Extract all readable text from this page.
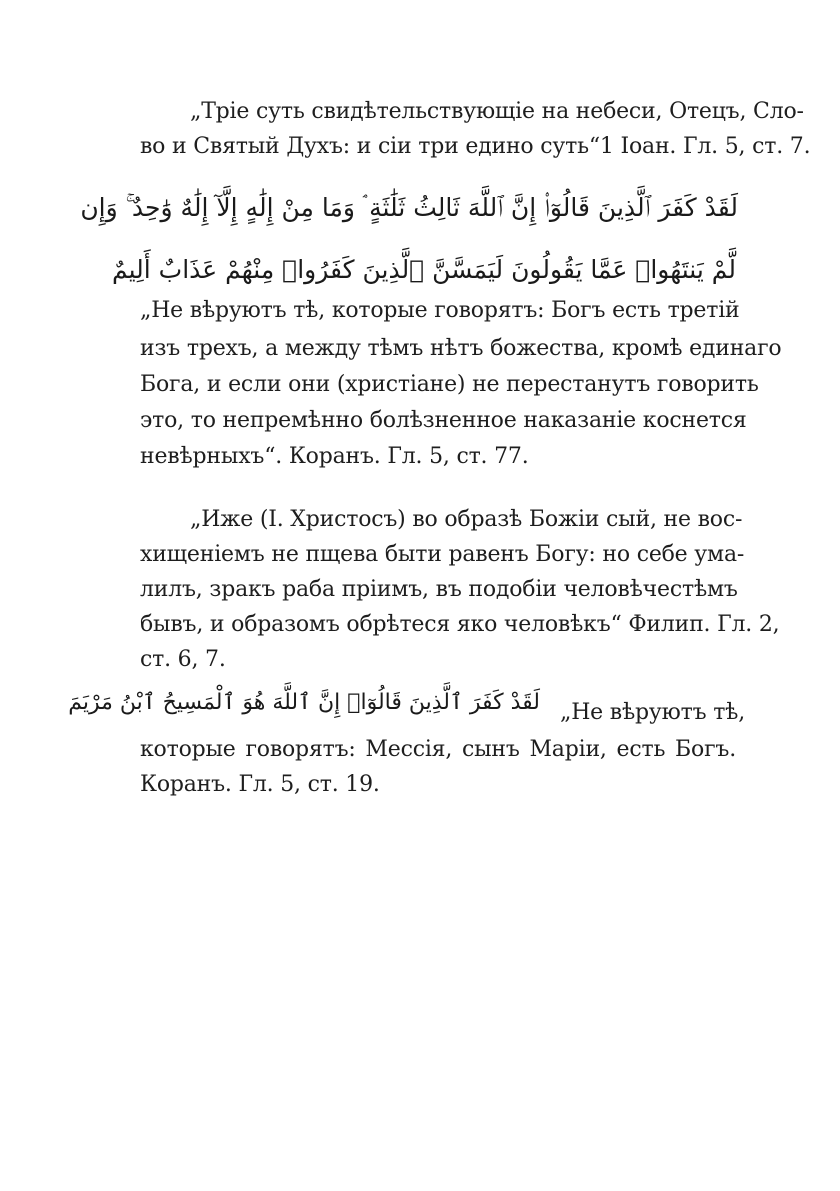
„Тріе суть свидѣтельствующіе на небеси, Отецъ, Сло-
во и Святый Духъ: и сіи три едино суть“1 Іоан. Гл. 5, ст. 7.
لَقَدْ كَفَرَ ٱلَّذِينَ قَالُوٓا۟ إِنَّ ٱللَّهَ ثَالِثُ ثَلَٰثَةٍ ۘ وَمَا مِنْ إِلَٰهٍ إِلَّآ إِلَٰهٌ وَٰحِدٌ ۚ وَإِن
لَّمْ يَنتَهُوا۟ عَمَّا يَقُولُونَ لَيَمَسَّنَّ ٱلَّذِينَ كَفَرُوا۟ مِنْهُمْ عَذَابٌ أَلِيمٌ
„Не вѣруютъ тѣ, которые говорятъ: Богъ есть третій
изъ трехъ, а между тѣмъ нѣтъ божества, кромѣ единаго
Бога, и если они (христіане) не перестанутъ говорить
это, то непремѣнно болѣзненное наказаніе коснется
невѣрныхъ“. Коранъ. Гл. 5, ст. 77.
„Иже (І. Христосъ) во образѣ Божіи сый, не вос-
хищеніемъ не пщева быти равенъ Богу: но себе ума-
лилъ, зракъ раба пріимъ, въ подобіи человѣчестѣмъ
бывъ, и образомъ обрѣтеся яко человѣкъ“ Филип. Гл. 2,
ст. 6, 7.
لَقَدْ كَفَرَ ٱلَّذِينَ قَالُوٓا۟ إِنَّ ٱللَّهَ هُوَ ٱلْمَسِيحُ ٱبْنُ مَرْيَمَ „Не вѣруютъ тѣ,
которые говорятъ: Мессія, сынъ Маріи, есть Богъ.
Коранъ. Гл. 5, ст. 19.
